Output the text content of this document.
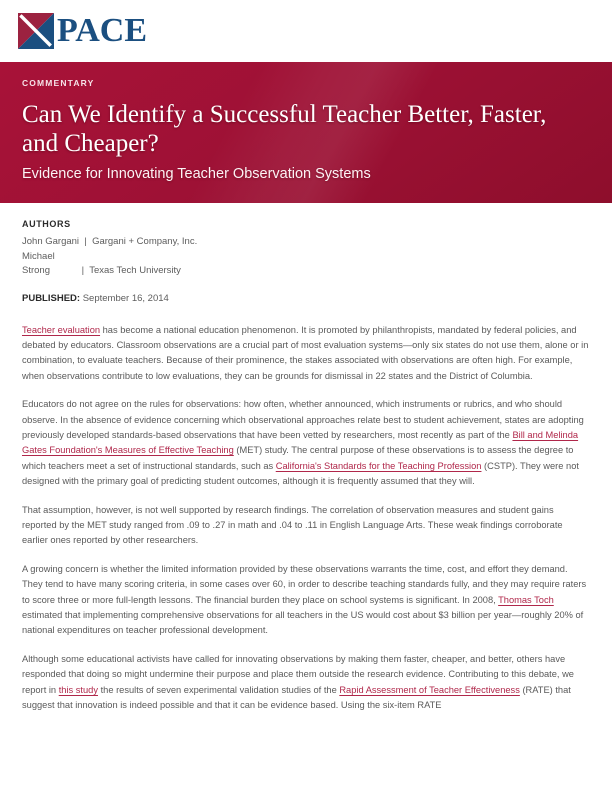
PACE
COMMENTARY
Can We Identify a Successful Teacher Better, Faster, and Cheaper?
Evidence for Innovating Teacher Observation Systems
AUTHORS
John Gargani  |  Gargani + Company, Inc.
Michael
Strong            |  Texas Tech University
PUBLISHED: September 16, 2014

Teacher evaluation has become a national education phenomenon. It is promoted by philanthropists, mandated by federal policies, and debated by educators. Classroom observations are a crucial part of most evaluation systems—only six states do not use them, alone or in combination, to evaluate teachers. Because of their prominence, the stakes associated with observations are often high. For example, when observations contribute to low evaluations, they can be grounds for dismissal in 22 states and the District of Columbia.

Educators do not agree on the rules for observations: how often, whether announced, which instruments or rubrics, and who should observe. In the absence of evidence concerning which observational approaches relate best to student achievement, states are adopting previously developed standards-based observations that have been vetted by researchers, most recently as part of the Bill and Melinda Gates Foundation's Measures of Effective Teaching (MET) study. The central purpose of these observations is to assess the degree to which teachers meet a set of instructional standards, such as California's Standards for the Teaching Profession (CSTP). They were not designed with the primary goal of predicting student outcomes, although it is frequently assumed that they will.

That assumption, however, is not well supported by research findings. The correlation of observation measures and student gains reported by the MET study ranged from .09 to .27 in math and .04 to .11 in English Language Arts. These weak findings corroborate earlier ones reported by other researchers.

A growing concern is whether the limited information provided by these observations warrants the time, cost, and effort they demand. They tend to have many scoring criteria, in some cases over 60, in order to describe teaching standards fully, and they may require raters to score three or more full-length lessons. The financial burden they place on school systems is significant. In 2008, Thomas Toch estimated that implementing comprehensive observations for all teachers in the US would cost about $3 billion per year—roughly 20% of national expenditures on teacher professional development.

Although some educational activists have called for innovating observations by making them faster, cheaper, and better, others have responded that doing so might undermine their purpose and place them outside the research evidence. Contributing to this debate, we report in this study the results of seven experimental validation studies of the Rapid Assessment of Teacher Effectiveness (RATE) that suggest that innovation is indeed possible and that it can be evidence based. Using the six-item RATE
